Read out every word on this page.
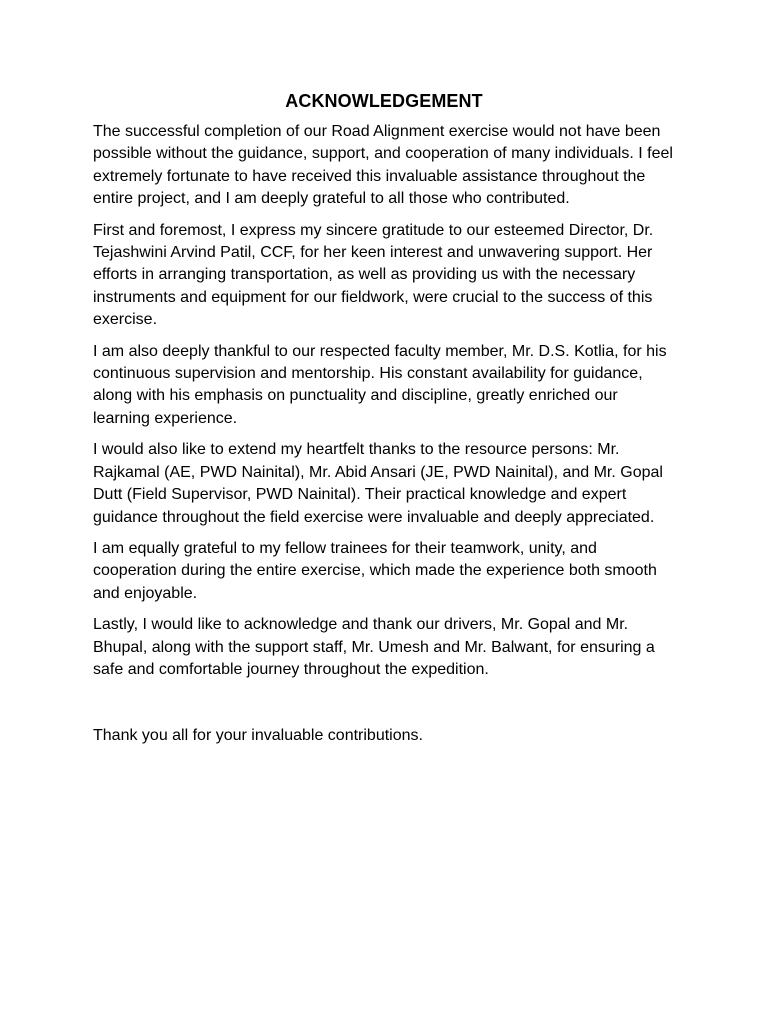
ACKNOWLEDGEMENT

The successful completion of our Road Alignment exercise would not have been possible without the guidance, support, and cooperation of many individuals. I feel extremely fortunate to have received this invaluable assistance throughout the entire project, and I am deeply grateful to all those who contributed.

First and foremost, I express my sincere gratitude to our esteemed Director, Dr. Tejashwini Arvind Patil, CCF, for her keen interest and unwavering support. Her efforts in arranging transportation, as well as providing us with the necessary instruments and equipment for our fieldwork, were crucial to the success of this exercise.

I am also deeply thankful to our respected faculty member, Mr. D.S. Kotlia, for his continuous supervision and mentorship. His constant availability for guidance, along with his emphasis on punctuality and discipline, greatly enriched our learning experience.

I would also like to extend my heartfelt thanks to the resource persons: Mr. Rajkamal (AE, PWD Nainital), Mr. Abid Ansari (JE, PWD Nainital), and Mr. Gopal Dutt (Field Supervisor, PWD Nainital). Their practical knowledge and expert guidance throughout the field exercise were invaluable and deeply appreciated.

I am equally grateful to my fellow trainees for their teamwork, unity, and cooperation during the entire exercise, which made the experience both smooth and enjoyable.

Lastly, I would like to acknowledge and thank our drivers, Mr. Gopal and Mr. Bhupal, along with the support staff, Mr. Umesh and Mr. Balwant, for ensuring a safe and comfortable journey throughout the expedition.

Thank you all for your invaluable contributions.
